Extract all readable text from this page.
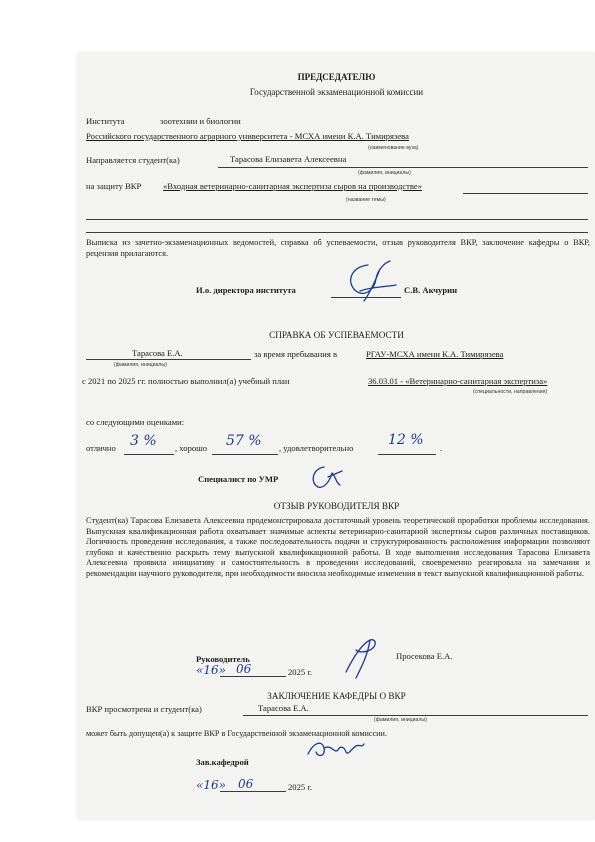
ПРЕДСЕДАТЕЛЮ
Государственной экзаменационной комиссии
Института	зоотехнии и биологии
Российского государственного аграрного университета - МСХА имени К.А. Тимирязева
(наименование вуза)
Направляется студент(ка)	Тарасова Елизавета Алексеевна
(фамилия, инициалы)
на защиту ВКР	«Входная ветеринарно-санитарная экспертиза сыров на производстве»
(название темы)
Выписка из зачетно-экзаменационных ведомостей, справка об успеваемости, отзыв руководителя ВКР, заключение кафедры о ВКР, рецензия прилагаются.
И.о. директора института	С.В. Акчурин
СПРАВКА ОБ УСПЕВАЕМОСТИ
Тарасова Е.А.
(фамилия, инициалы)
за время пребывания в	РГАУ-МСХА имени К.А. Тимирязева
с 2021 по 2025 гг. полностью выполнил(а) учебный план	36.03.01 - «Ветеринарно-санитарная экспертиза»
(специальности, направления)
со следующими оценками:
отлично 3 % , хорошо 57 % , удовлетворительно 12 % .
Специалист по УМР
ОТЗЫВ РУКОВОДИТЕЛЯ ВКР
Студент(ка) Тарасова Елизавета Алексеевна продемонстрировала достаточный уровень теоретической проработки проблемы исследования. Выпускная квалификационная работа охватывает значимые аспекты ветеринарно-санитарной экспертизы сыров различных поставщиков. Логичность проведения исследования, а также последовательность подачи и структурированность расположения информации позволяют глубоко и качественно раскрыть тему выпускной квалификационной работы. В ходе выполнения исследования Тарасова Елизавета Алексеевна проявила инициативу и самостоятельность в проведении исследований, своевременно реагировала на замечания и рекомендации научного руководителя, при необходимости вносила необходимые изменения в текст выпускной квалификационной работы.
Руководитель	Просекова Е.А.
«16» 06	2025 г.
ЗАКЛЮЧЕНИЕ КАФЕДРЫ О ВКР
ВКР просмотрена и студент(ка)	Тарасова Е.А.
(фамилия, инициалы)
может быть допущен(а) к защите ВКР в Государственной экзаменационной комиссии.
Зав.кафедрой
«16» 06	2025 г.
